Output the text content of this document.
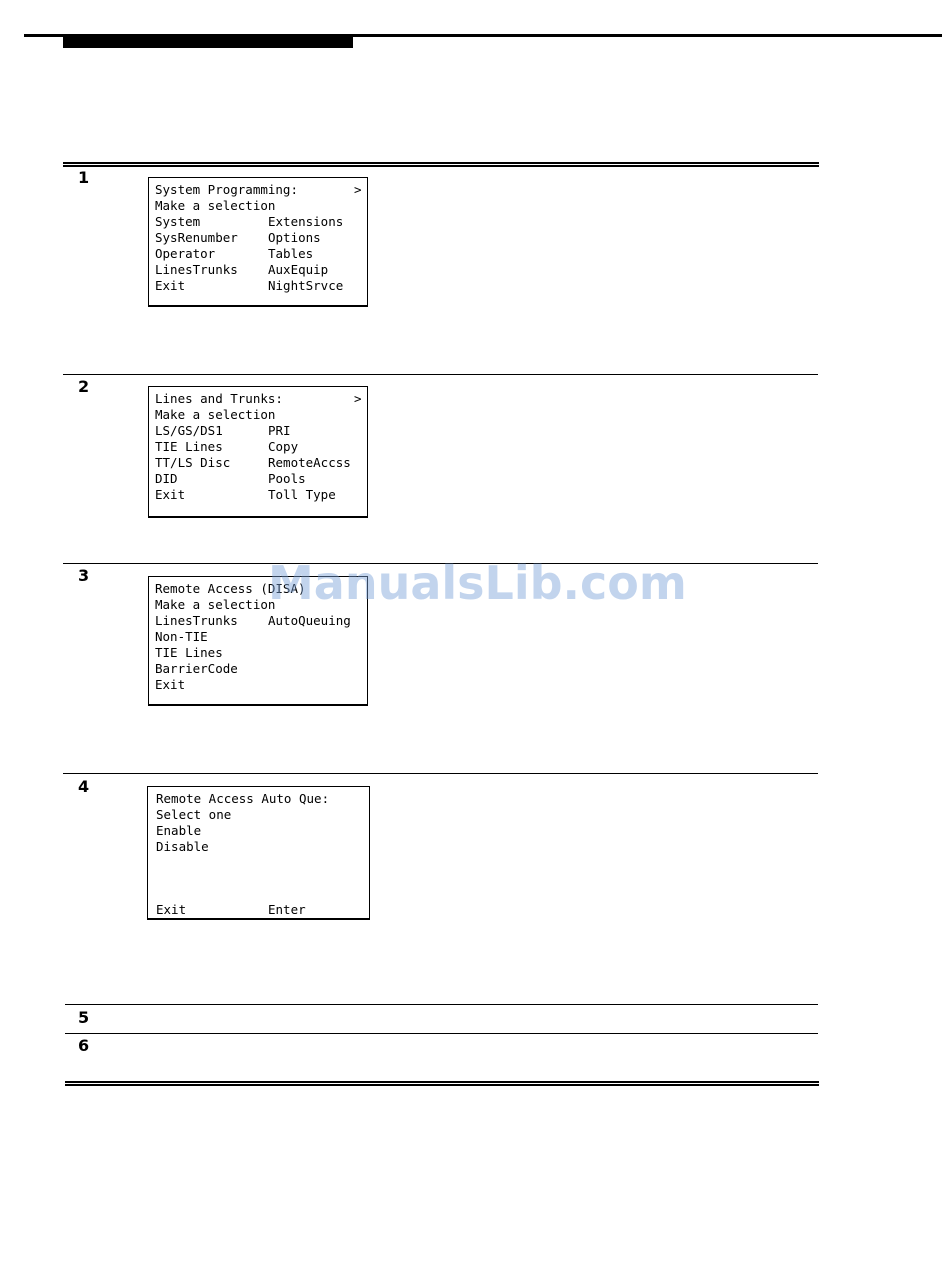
1
System Programming:	>
Make a selection
System	Extensions
SysRenumber Options
Operator	Tables
LinesTrunks AuxEquip
Exit	NightSrvce
2
Lines and Trunks:	>
Make a selection
LS/GS/DS1	PRI
TIE Lines	Copy
TT/LS Disc	RemoteAccss
DID	Pools
Exit	Toll Type
3
Remote Access (DISA)
Make a selection
LinesTrunks AutoQueuing
Non-TIE
TIE Lines
BarrierCode
Exit
4
Remote Access Auto Que:
Select one
Enable
Disable
Exit	Enter
5
6
ManualsLib.com
